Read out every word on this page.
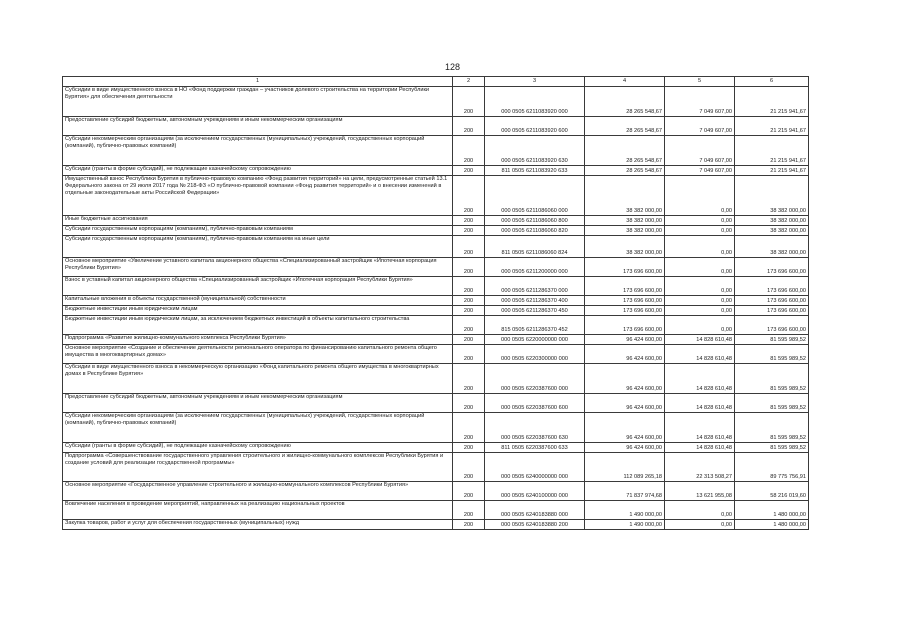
128
1	2	3	4	5	6
Субсидии в виде имущественного взноса в НО «Фонд поддержки граждан – участников долевого строительства на территории Республики Бурятия» для обеспечения деятельности	200	000 0505 6211083920 000	28 265 548,67	7 049 607,00	21 215 941,67
Предоставление субсидий бюджетным, автономным учреждениям и иным некоммерческим организациям	200	000 0505 6211083920 600	28 265 548,67	7 049 607,00	21 215 941,67
Субсидии некоммерческим организациям (за исключением государственных (муниципальных) учреждений, государственных корпораций (компаний), публично-правовых компаний)	200	000 0505 6211083920 630	28 265 548,67	7 049 607,00	21 215 941,67
Субсидии (гранты в форме субсидий), не подлежащие казначейскому сопровождению	200	811 0505 6211083920 633	28 265 548,67	7 049 607,00	21 215 941,67
Имущественный взнос Республики Бурятия в публично-правовую компанию «Фонд развития территорий» на цели, предусмотренные статьей 13.1 Федерального закона от 29 июля 2017 года № 218-ФЗ «О публично-правовой компании «Фонд развития территорий» и о внесении изменений в отдельные законодательные акты Российской Федерации»	200	000 0505 6211086060 000	38 382 000,00	0,00	38 382 000,00
Иные бюджетные ассигнования	200	000 0505 6211086060 800	38 382 000,00	0,00	38 382 000,00
Субсидии государственным корпорациям (компаниям), публично-правовым компаниям	200	000 0505 6211086060 820	38 382 000,00	0,00	38 382 000,00
Субсидии государственным корпорациям (компаниям), публично-правовым компаниям на иные цели	200	811 0505 6211086060 824	38 382 000,00	0,00	38 382 000,00
Основное мероприятие «Увеличение уставного капитала акционерного общества «Специализированный застройщик «Ипотечная корпорация Республики Бурятия»	200	000 0505 6211200000 000	173 696 600,00	0,00	173 696 600,00
Взнос в уставный капитал акционерного общества «Специализированный застройщик «Ипотечная корпорация Республики Бурятия»	200	000 0505 6211286370 000	173 696 600,00	0,00	173 696 600,00
Капитальные вложения в объекты государственной (муниципальной) собственности	200	000 0505 6211286370 400	173 696 600,00	0,00	173 696 600,00
Бюджетные инвестиции иным юридическим лицам	200	000 0505 6211286370 450	173 696 600,00	0,00	173 696 600,00
Бюджетные инвестиции иным юридическим лицам, за исключением бюджетных инвестиций в объекты капитального строительства	200	815 0505 6211286370 452	173 696 600,00	0,00	173 696 600,00
Подпрограмма «Развитие жилищно-коммунального комплекса Республики Бурятия»	200	000 0505 6220000000 000	96 424 600,00	14 828 610,48	81 595 989,52
Основное мероприятие «Создание и обеспечение деятельности регионального оператора по финансированию капитального ремонта общего имущества в многоквартирных домах»	200	000 0505 6220300000 000	96 424 600,00	14 828 610,48	81 595 989,52
Субсидии в виде имущественного взноса в некоммерческую организацию «Фонд капитального ремонта общего имущества в многоквартирных домах в Республике Бурятия»	200	000 0505 6220387600 000	96 424 600,00	14 828 610,48	81 595 989,52
Предоставление субсидий бюджетным, автономным учреждениям и иным некоммерческим организациям	200	000 0505 6220387600 600	96 424 600,00	14 828 610,48	81 595 989,52
Субсидии некоммерческим организациям (за исключением государственных (муниципальных) учреждений, государственных корпораций (компаний), публично-правовых компаний)	200	000 0505 6220387600 630	96 424 600,00	14 828 610,48	81 595 989,52
Субсидии (гранты в форме субсидий), не подлежащие казначейскому сопровождению	200	811 0505 6220387600 633	96 424 600,00	14 828 610,48	81 595 989,52
Подпрограмма «Совершенствование государственного управления строительного и жилищно-коммунального комплексов Республики Бурятия и создание условий для реализации государственной программы»	200	000 0505 6240000000 000	112 089 265,18	22 313 508,27	89 775 756,91
Основное мероприятие «Государственное управление строительного и жилищно-коммунального комплексов Республики Бурятия»	200	000 0505 6240100000 000	71 837 974,68	13 621 955,08	58 216 019,60
Вовлечение населения в проведение мероприятий, направленных на реализацию национальных проектов	200	000 0505 6240183880 000	1 490 000,00	0,00	1 480 000,00
Закупка товаров, работ и услуг для обеспечения государственных (муниципальных) нужд	200	000 0505 6240183880 200	1 490 000,00	0,00	1 480 000,00
